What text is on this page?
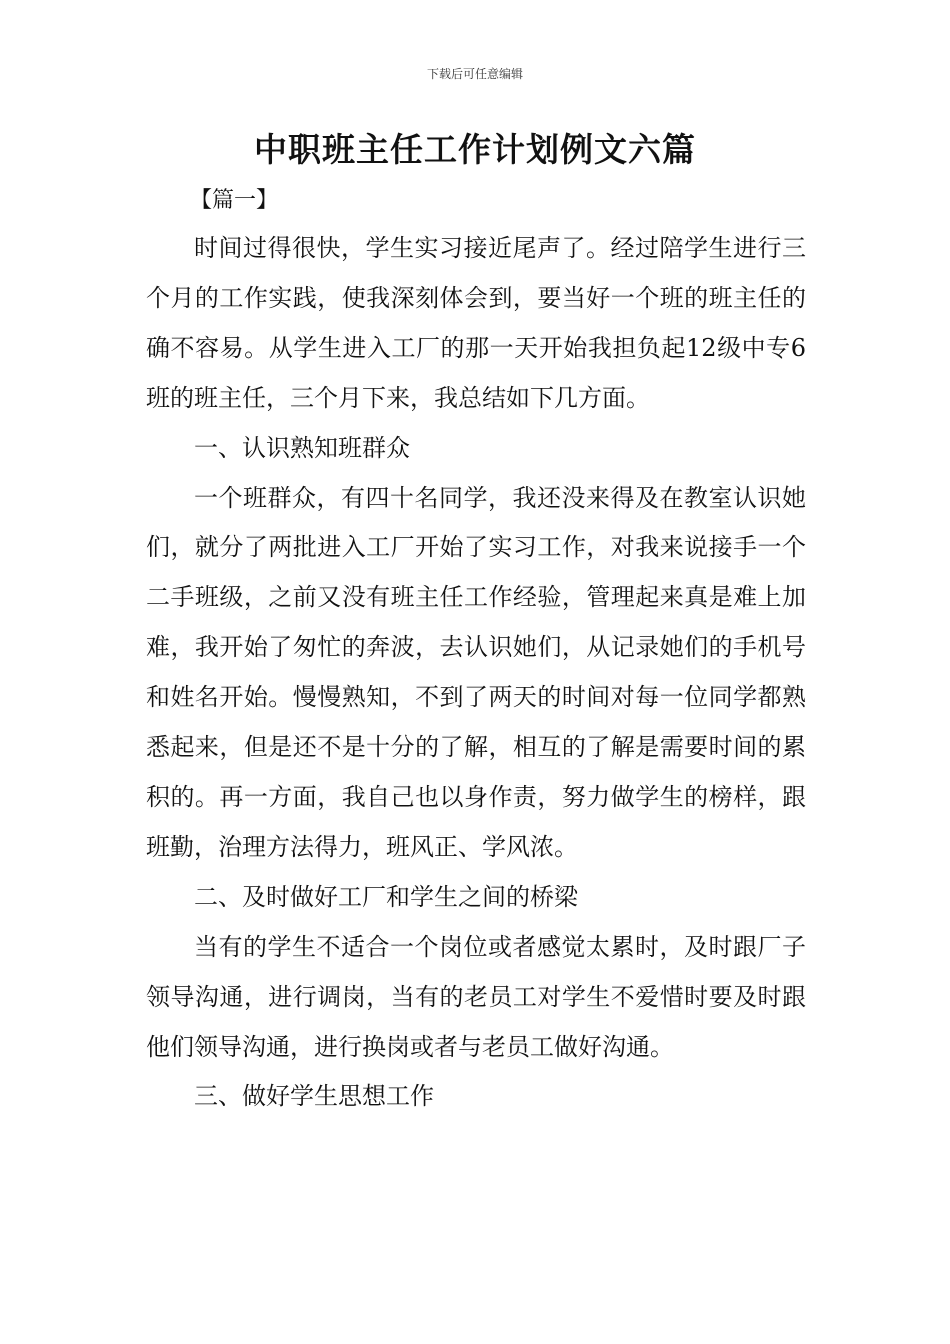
下载后可任意编辑
中职班主任工作计划例文六篇
【篇一】

时间过得很快，学生实习接近尾声了。经过陪学生进行三个月的工作实践，使我深刻体会到，要当好一个班的班主任的确不容易。从学生进入工厂的那一天开始我担负起12级中专6班的班主任，三个月下来，我总结如下几方面。

一、认识熟知班群众

一个班群众，有四十名同学，我还没来得及在教室认识她们，就分了两批进入工厂开始了实习工作，对我来说接手一个二手班级，之前又没有班主任工作经验，管理起来真是难上加难，我开始了匆忙的奔波，去认识她们，从记录她们的手机号和姓名开始。慢慢熟知，不到了两天的时间对每一位同学都熟悉起来，但是还不是十分的了解，相互的了解是需要时间的累积的。再一方面，我自己也以身作责，努力做学生的榜样，跟班勤，治理方法得力，班风正、学风浓。

二、及时做好工厂和学生之间的桥梁

当有的学生不适合一个岗位或者感觉太累时，及时跟厂子领导沟通，进行调岗，当有的老员工对学生不爱惜时要及时跟他们领导沟通，进行换岗或者与老员工做好沟通。

三、做好学生思想工作
